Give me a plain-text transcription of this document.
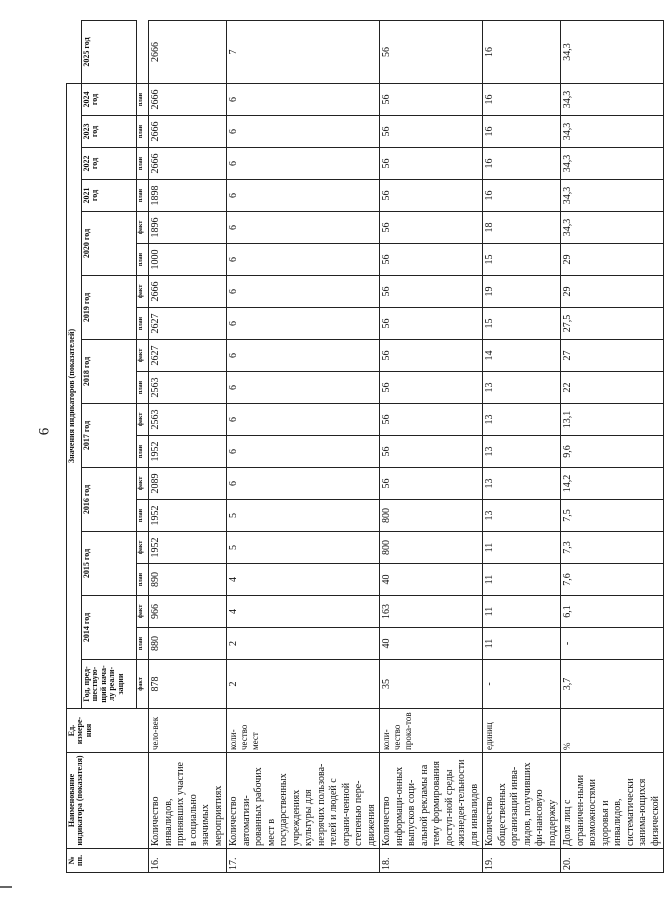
6
№ пп.	Наименование индикатора (показателя)	Ед. измере-ния	Значения индикаторов (показателей)																			
			Год, пред-шествую-щий нача-лу реали-зации	2014 год		2015 год		2016 год		2017 год		2018 год		2019 год		2020 год		2021 год	2022 год	2023 год	2024 год	2025 год
			факт	план	факт	план	факт	план	факт	план	факт	план	факт	план	факт	план	факт	план	план	план	план	
16.	Количество инвалидов, принявших участие в социально значимых мероприятиях	чело-век	878	880	966	890	1952	1952	2089	1952	2563	2563	2627	2627	2666	1000	1896	1898	2666	2666	2666	2666
17.	Количество автоматизи-рованных рабочих мест в государственных учреждениях культуры для незрячих пользова-телей и людей с ограни-ченной степенью пере-движения	коли-чество мест	2	2	4	4	5	5	6	6	6	6	6	6	6	6	6	6	6	6	6	7
18.	Количество информаци-онных выпусков соци-альной рекламы на тему формирования доступ-ной среды жизнедея-тельности для инвалидов	коли-чество прока-тов	35	40	163	40	800	800	56	56	56	56	56	56	56	56	56	56	56	56	56	56
19.	Количество общественных организаций инва-лидов, получивших фи-нансовую поддержку	единиц	-	11	11	11	11	13	13	13	13	13	14	15	19	15	18	16	16	16	16	16
20.	Доля лиц с ограничен-ными возможностями здоровья и инвалидов, систематически занима-ющихся физической	%	3,7	-	6,1	7,6	7,3	7,5	14,2	9,6	13,1	22	27	27,5	29	29	34,3	34,3	34,3	34,3	34,3	34,3
